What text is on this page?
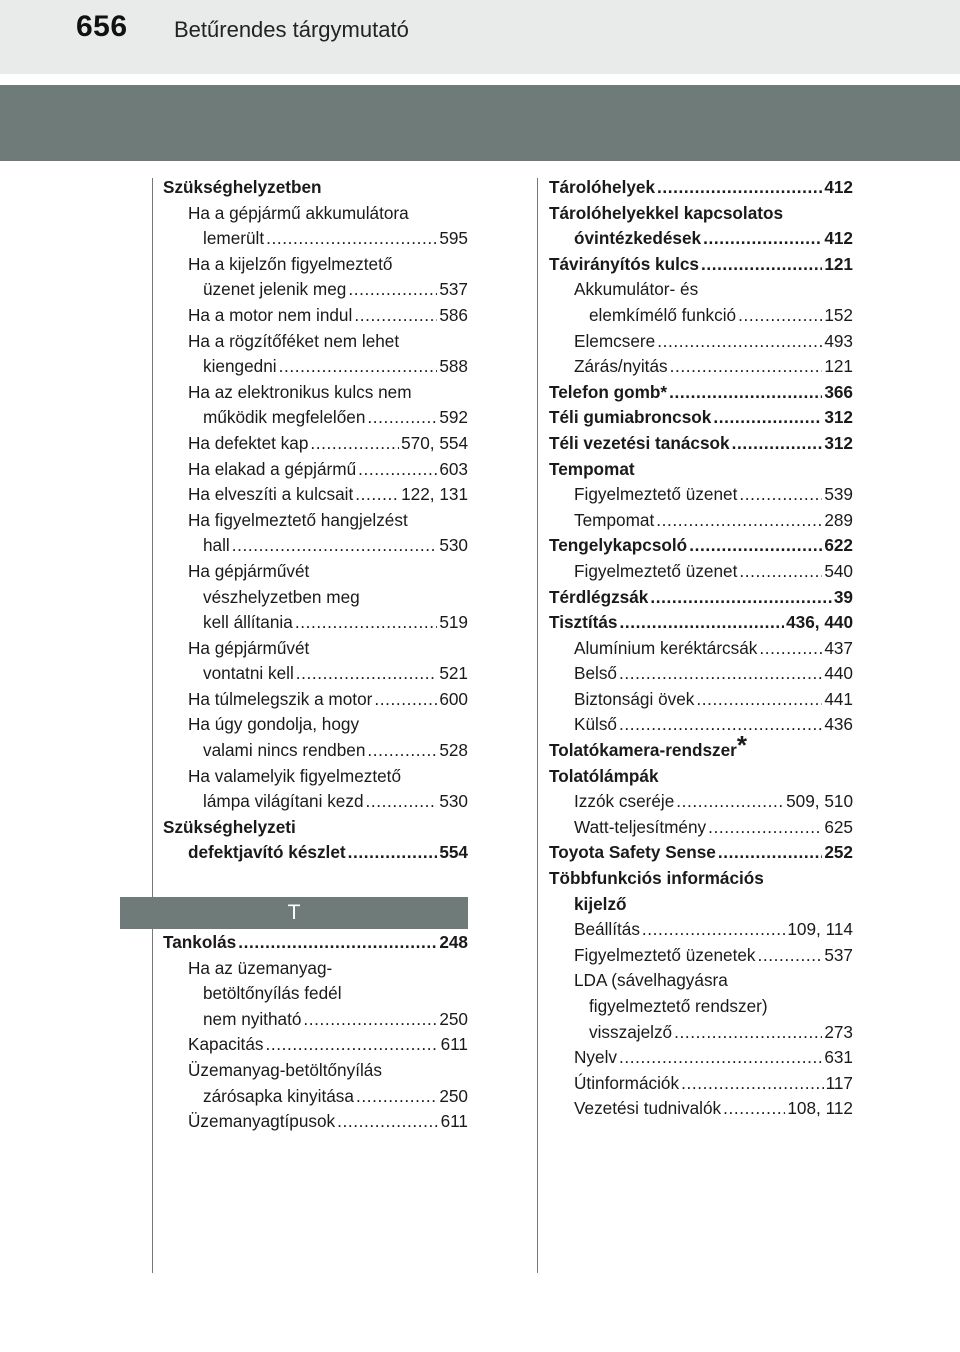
656 Betűrendes tárgymutató
Szükséghelyzetben
Ha a gépjármű akkumulátora
lemerült .....	595
Ha a kijelzőn figyelmeztető
üzenet jelenik meg .....	537
Ha a motor nem indul .....	586
Ha a rögzítőféket nem lehet
kiengedni .....	588
Ha az elektronikus kulcs nem
működik megfelelően .....	592
Ha defektet kap .....	570, 554
Ha elakad a gépjármű .....	603
Ha elveszíti a kulcsait .....	122, 131
Ha figyelmeztető hangjelzést
hall .....	530
Ha gépjárművét
vészhelyzetben meg
kell állítania .....	519
Ha gépjárművét
vontatni kell .....	521
Ha túlmelegszik a motor .....	600
Ha úgy gondolja, hogy
valami nincs rendben .....	528
Ha valamelyik figyelmeztető
lámpa világítani kezd .....	530
Szükséghelyzeti
defektjavító készlet .....	554
T
Tankolás .....	248
Ha az üzemanyag-
betöltőnyílás fedél
nem nyitható .....	250
Kapacitás .....	611
Üzemanyag-betöltőnyílás
zárósapka kinyitása .....	250
Üzemanyagtípusok .....	611
Tárolóhelyek .....	412
Tárolóhelyekkel kapcsolatos
óvintézkedések .....	412
Távirányítós kulcs .....	121
Akkumulátor- és
elemkímélő funkció .....	152
Elemcsere .....	493
Zárás/nyitás .....	121
Telefon gomb* .....	366
Téli gumiabroncsok .....	312
Téli vezetési tanácsok .....	312
Tempomat
Figyelmeztető üzenet .....	539
Tempomat .....	289
Tengelykapcsoló .....	622
Figyelmeztető üzenet .....	540
Térdlégzsák .....	39
Tisztítás .....	436, 440
Alumínium keréktárcsák .....	437
Belső .....	440
Biztonsági övek .....	441
Külső .....	436
Tolatókamera-rendszer*
Tolatólámpák
Izzók cseréje .....	509, 510
Watt-teljesítmény .....	625
Toyota Safety Sense .....	252
Többfunkciós információs
kijelző
Beállítás .....	109, 114
Figyelmeztető üzenetek .....	537
LDA (sávelhagyásra
figyelmeztető rendszer)
visszajelző .....	273
Nyelv .....	631
Útinformációk .....	117
Vezetési tudnivalók .....	108, 112
